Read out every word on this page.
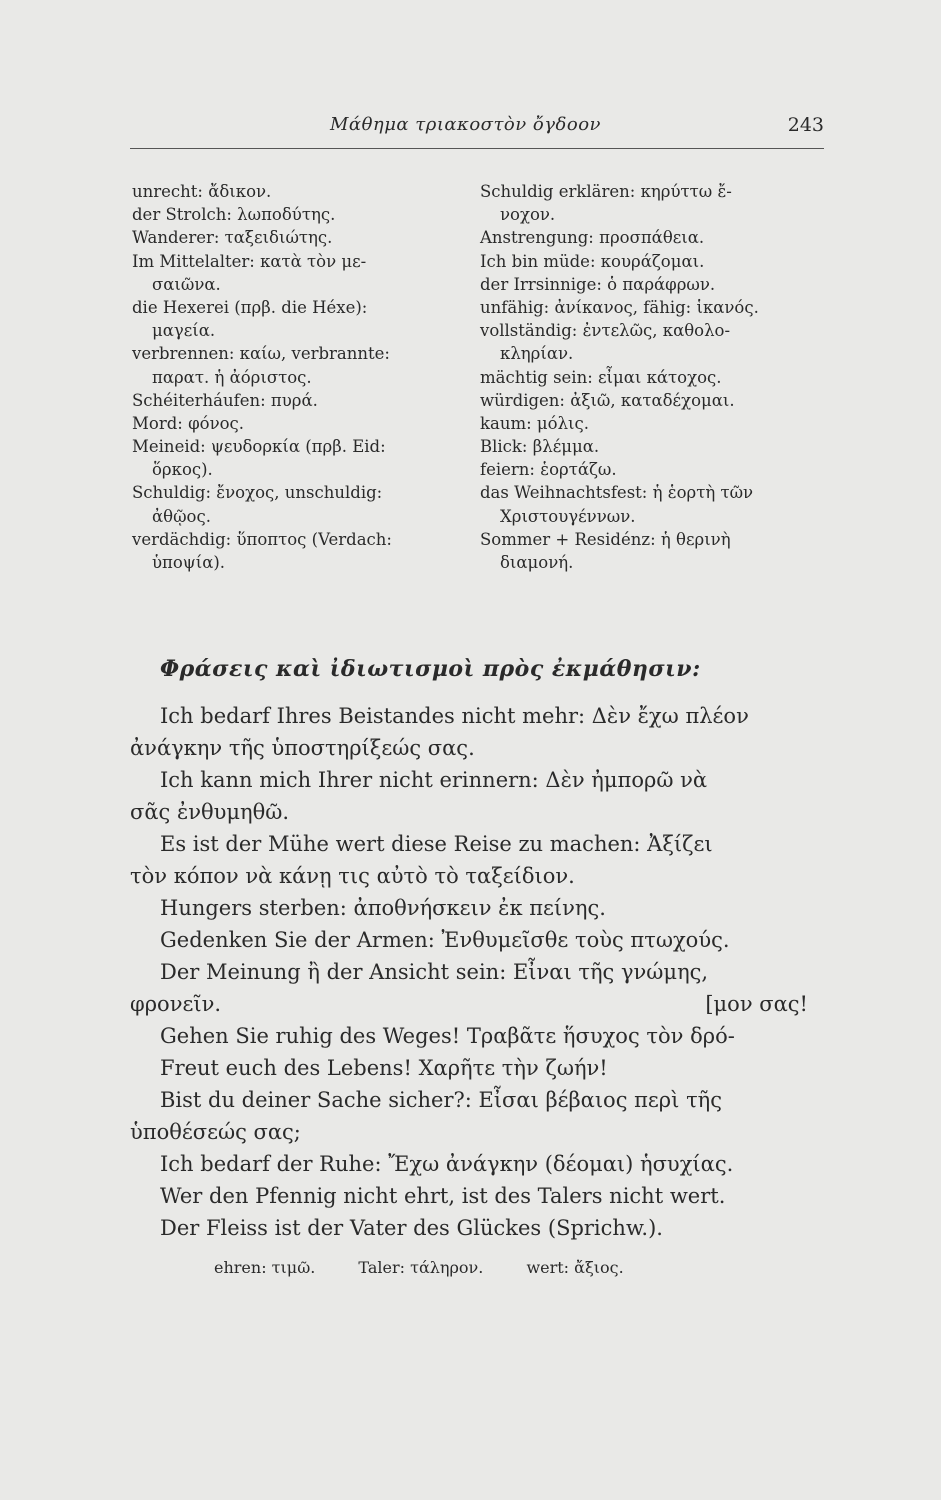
Μάθημα τριακοστὸν ὄγδοον	243
unrecht: ἄδικον.
der Strolch: λωποδύτης.
Wanderer: ταξειδιώτης.
Im Mittelalter: κατὰ τὸν με-
σαιῶνα.
die Hexerei (πρβ. die Héxe):
μαγεία.
verbrennen: καίω, verbrannte:
παρατ. ἡ ἀόριστος.
Schéiterháufen: πυρά.
Mord: φόνος.
Meineid: ψευδορκία (πρβ. Eid:
ὅρκος).
Schuldig: ἔνοχος, unschuldig:
ἀθῷος.
verdächdig: ὕποπτος (Verdach:
ὑποψία).
Schuldig erklären: κηρύττω ἔ-
νοχον.
Anstrengung: προσπάθεια.
Ich bin müde: κουράζομαι.
der Irrsinnige: ὁ παράφρων.
unfähig: ἀνίκανος, fähig: ἱκανός.
vollständig: ἐντελῶς, καθολο-
κληρίαν.
mächtig sein: εἶμαι κάτοχος.
würdigen: ἀξιῶ, καταδέχομαι.
kaum: μόλις.
Blick: βλέμμα.
feiern: ἑορτάζω.
das Weihnachtsfest: ἡ ἑορτὴ τῶν
Χριστουγέννων.
Sommer + Residénz: ἡ θερινὴ
διαμονή.
Φράσεις καὶ ἰδιωτισμοὶ πρὸς ἐκμάθησιν:
Ich bedarf Ihres Beistandes nicht mehr: Δὲν ἔχω πλέον
ἀνάγκην τῆς ὑποστηρίξεώς σας.
Ich kann mich Ihrer nicht erinnern: Δὲν ἠμπορῶ νὰ
σᾶς ἐνθυμηθῶ.
Es ist der Mühe wert diese Reise zu machen: Ἀξίζει
τὸν κόπον νὰ κάνῃ τις αὐτὸ τὸ ταξείδιον.
Hungers sterben: ἀποθνήσκειν ἐκ πείνης.
Gedenken Sie der Armen: Ἐνθυμεῖσθε τοὺς πτωχούς.
Der Meinung ἢ der Ansicht sein: Εἶναι τῆς γνώμης,
φρονεῖν.	[μον σας!
Gehen Sie ruhig des Weges! Τραβᾶτε ἥσυχος τὸν δρό-
Freut euch des Lebens! Χαρῆτε τὴν ζωήν!
Bist du deiner Sache sicher?: Εἶσαι βέβαιος περὶ τῆς
ὑποθέσεώς σας;
Ich bedarf der Ruhe: Ἔχω ἀνάγκην (δέομαι) ἡσυχίας.
Wer den Pfennig nicht ehrt, ist des Talers nicht wert.
Der Fleiss ist der Vater des Glückes (Sprichw.).
ehren: τιμῶ.	Taler: τάληρον.	wert: ἄξιος.
